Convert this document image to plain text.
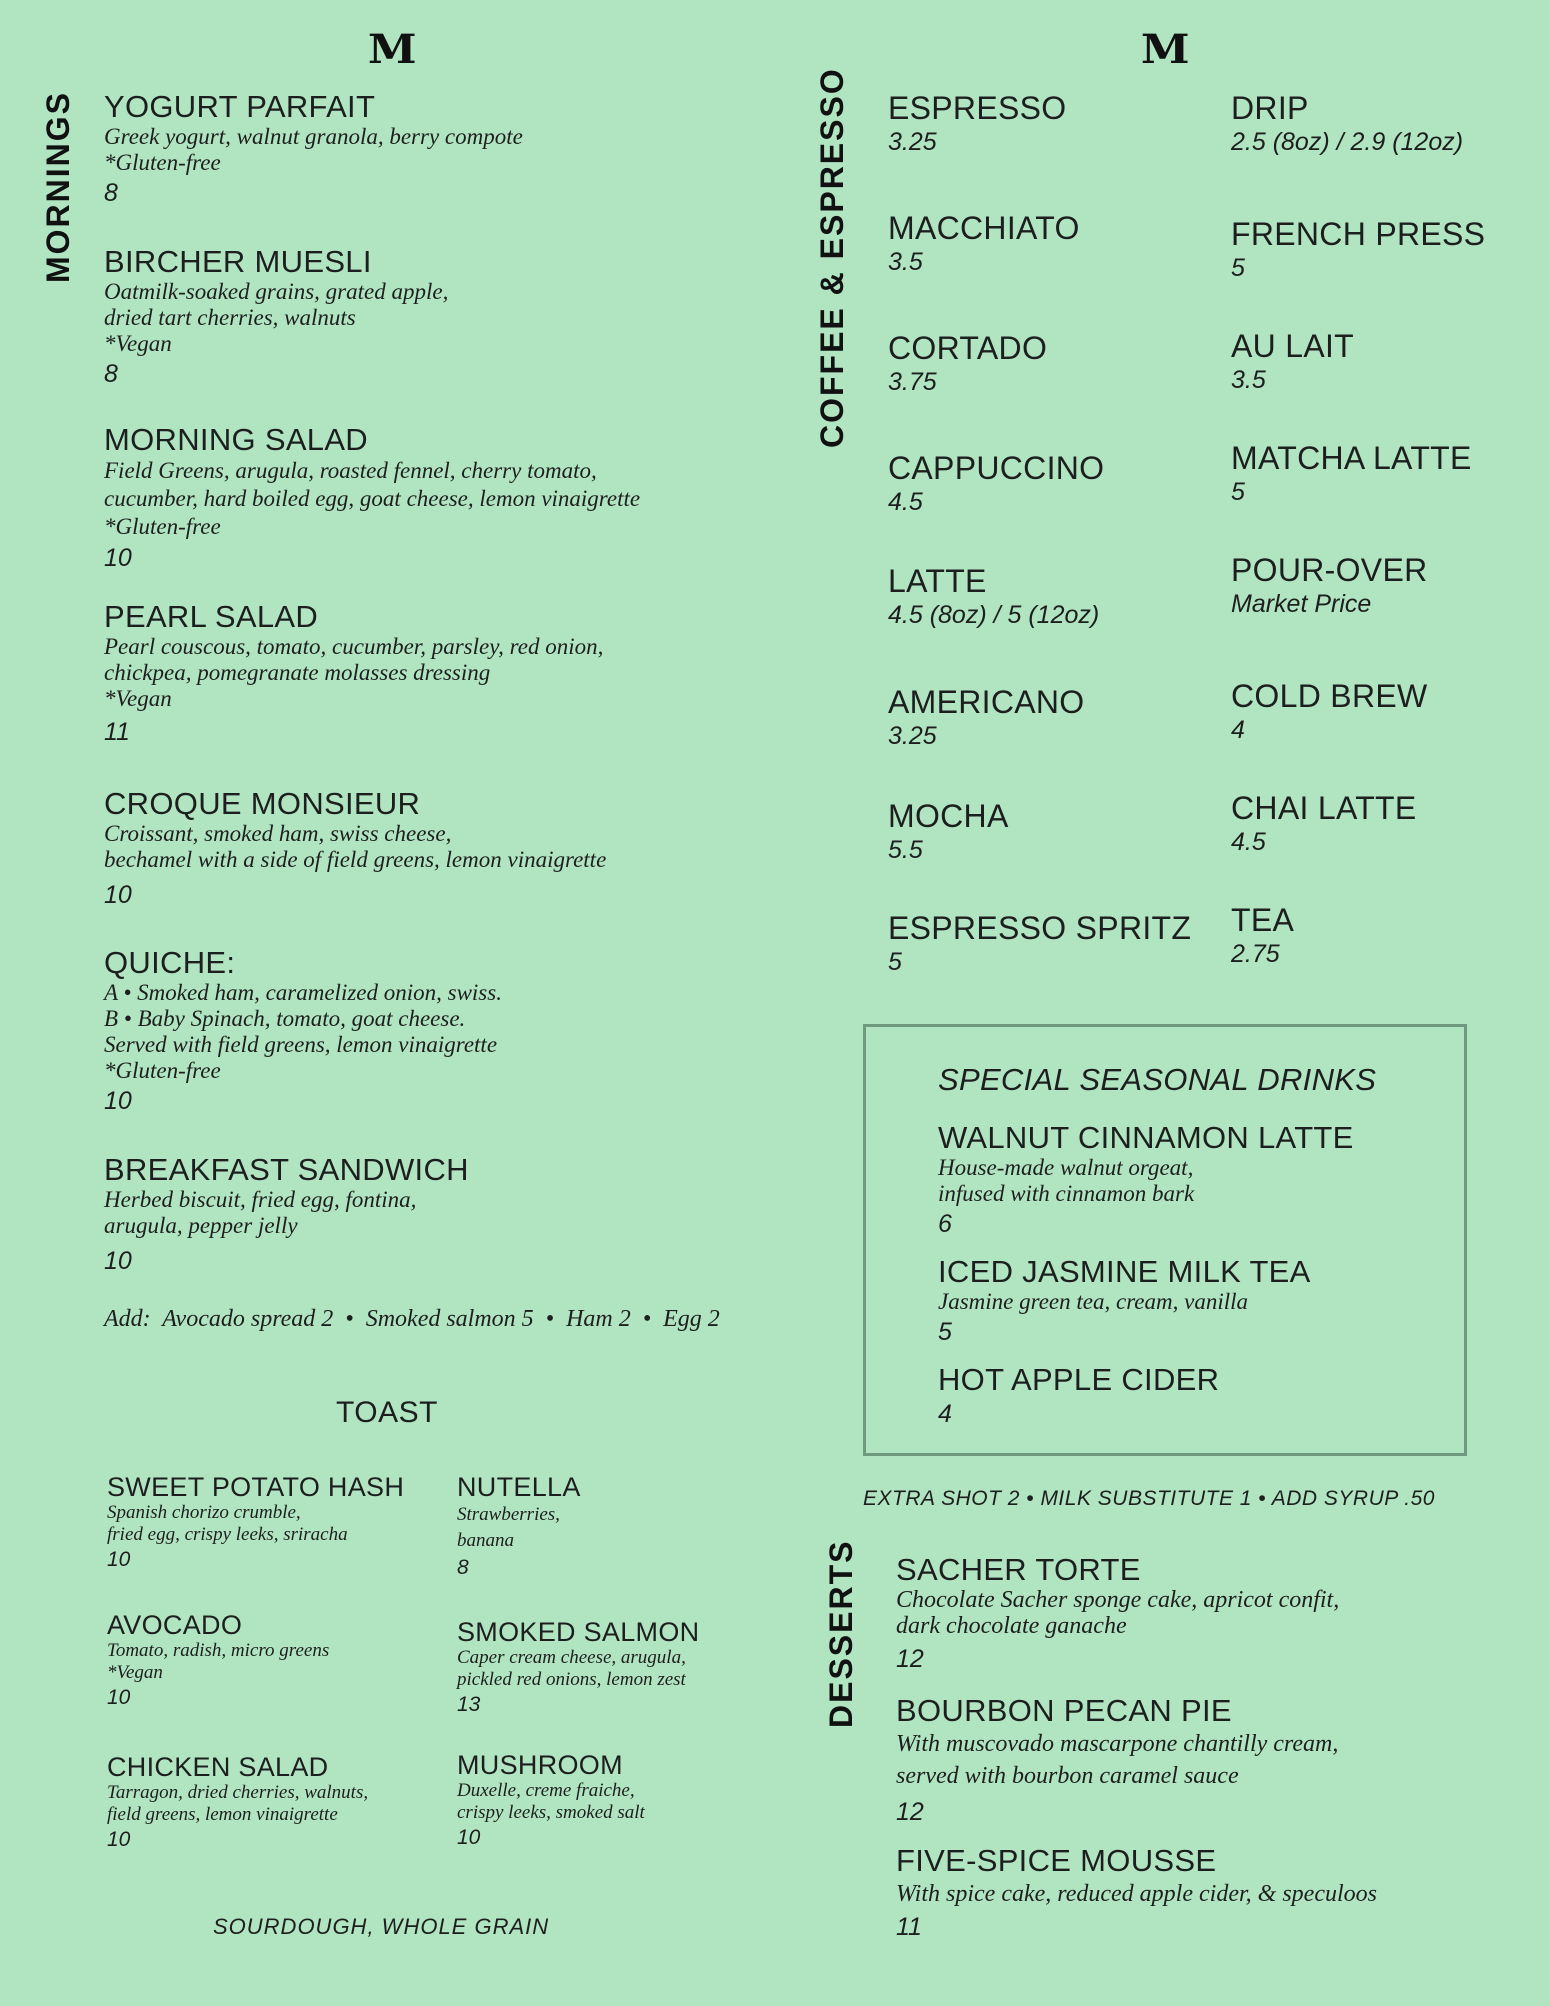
M	M
MORNINGS	COFFEE & ESPRESSO
DESSERTS
YOGURT PARFAIT
Greek yogurt, walnut granola, berry compote
*Gluten-free
8
BIRCHER MUESLI
Oatmilk-soaked grains, grated apple,
dried tart cherries, walnuts
*Vegan
8
MORNING SALAD
Field Greens, arugula, roasted fennel, cherry tomato,
cucumber, hard boiled egg, goat cheese, lemon vinaigrette
*Gluten-free
10
PEARL SALAD
Pearl couscous, tomato, cucumber, parsley, red onion,
chickpea, pomegranate molasses dressing
*Vegan
11
CROQUE MONSIEUR
Croissant, smoked ham, swiss cheese,
bechamel with a side of field greens, lemon vinaigrette
10
QUICHE:
A • Smoked ham, caramelized onion, swiss.
B • Baby Spinach, tomato, goat cheese.
Served with field greens, lemon vinaigrette
*Gluten-free
10
BREAKFAST SANDWICH
Herbed biscuit, fried egg, fontina,
arugula, pepper jelly
10
Add:  Avocado spread 2  •  Smoked salmon 5  •  Ham 2  •  Egg 2
TOAST
SWEET POTATO HASH
Spanish chorizo crumble,
fried egg, crispy leeks, sriracha
10
NUTELLA
Strawberries,
banana
8
AVOCADO
Tomato, radish, micro greens
*Vegan
10
SMOKED SALMON
Caper cream cheese, arugula,
pickled red onions, lemon zest
13
CHICKEN SALAD
Tarragon, dried cherries, walnuts,
field greens, lemon vinaigrette
10
MUSHROOM
Duxelle, creme fraiche,
crispy leeks, smoked salt
10
SOURDOUGH, WHOLE GRAIN
ESPRESSO
3.25
MACCHIATO
3.5
CORTADO
3.75
CAPPUCCINO
4.5
LATTE
4.5 (8oz) / 5 (12oz)
AMERICANO
3.25
MOCHA
5.5
ESPRESSO SPRITZ
5
DRIP
2.5 (8oz) / 2.9 (12oz)
FRENCH PRESS
5
AU LAIT
3.5
MATCHA LATTE
5
POUR-OVER
Market Price
COLD BREW
4
CHAI LATTE
4.5
TEA
2.75
SPECIAL SEASONAL DRINKS
WALNUT CINNAMON LATTE
House-made walnut orgeat,
infused with cinnamon bark
6
ICED JASMINE MILK TEA
Jasmine green tea, cream, vanilla
5
HOT APPLE CIDER
4
EXTRA SHOT 2 • MILK SUBSTITUTE 1 • ADD SYRUP .50
SACHER TORTE
Chocolate Sacher sponge cake, apricot confit,
dark chocolate ganache
12
BOURBON PECAN PIE
With muscovado mascarpone chantilly cream,
served with bourbon caramel sauce
12
FIVE-SPICE MOUSSE
With spice cake, reduced apple cider, & speculoos
11
